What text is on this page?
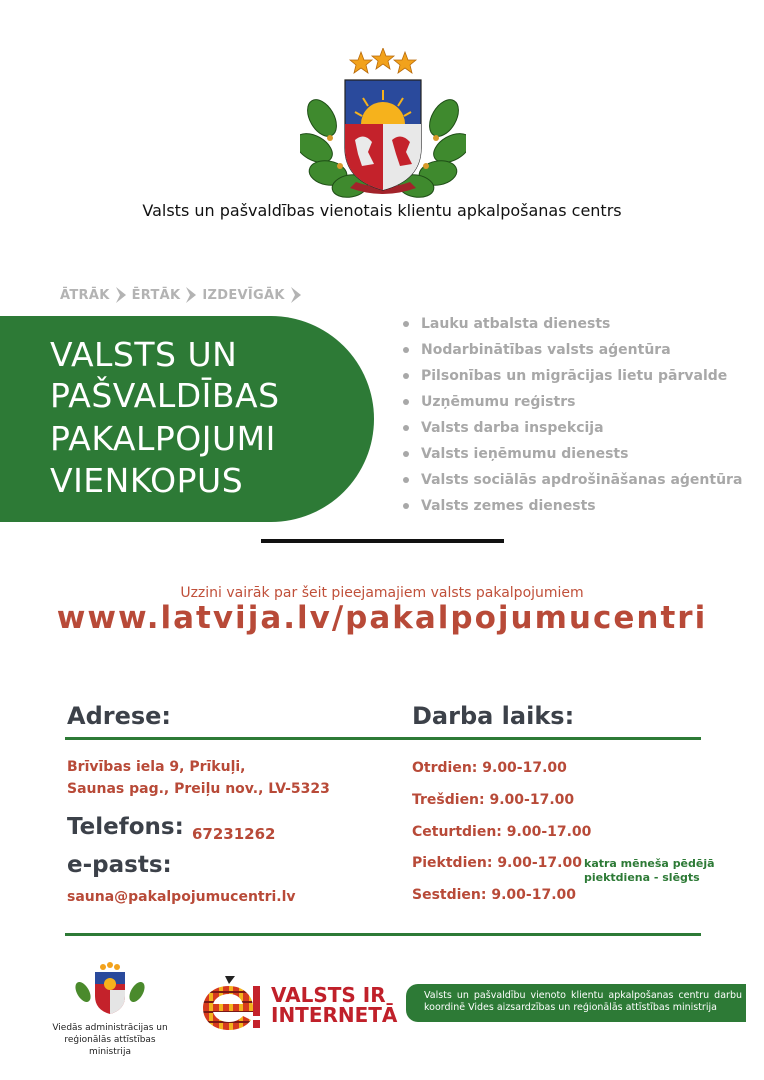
Valsts un pašvaldības vienotais klientu apkalpošanas centrs
ĀTRĀK ĒRTĀK IZDEVĪGĀK
VALSTS UN
PAŠVALDĪBAS
PAKALPOJUMI
VIENKOPUS
Lauku atbalsta dienests
Nodarbinātības valsts aģentūra
Pilsonības un migrācijas lietu pārvalde
Uzņēmumu reģistrs
Valsts darba inspekcija
Valsts ieņēmumu dienests
Valsts sociālās apdrošināšanas aģentūra
Valsts zemes dienests
Uzzini vairāk par šeit pieejamajiem valsts pakalpojumiem
www.latvija.lv/pakalpojumucentri
Adrese:	Darba laiks:
Brīvības iela 9, Prīkuļi,
Saunas pag., Preiļu nov., LV-5323
Telefons: 67231262
e-pasts:
sauna@pakalpojumucentri.lv
Otrdien: 9.00-17.00
Trešdien: 9.00-17.00
Ceturtdien: 9.00-17.00
Piektdien: 9.00-17.00
Sestdien: 9.00-17.00
katra mēneša pēdējā
piektdiena - slēgts
Viedās administrācijas un
reģionālās attīstības
ministrija
VALSTS IR
INTERNETĀ
Valsts un pašvaldību vienoto klientu apkalpošanas centru darbu koordinē Vides aizsardzības un reģionālās attīstības ministrija
